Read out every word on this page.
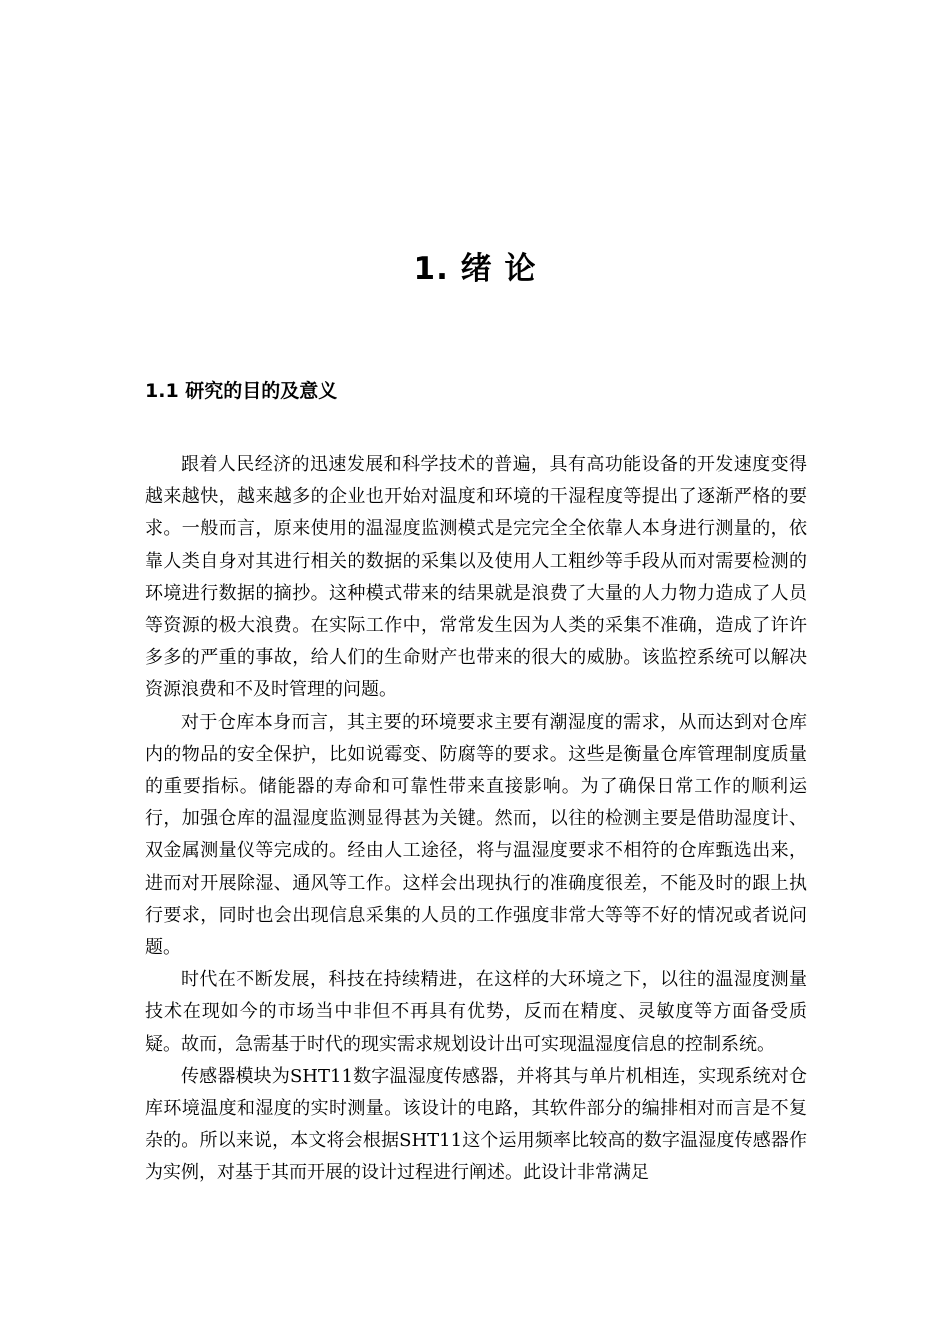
1. 绪 论
1.1 研究的目的及意义

跟着人民经济的迅速发展和科学技术的普遍，具有高功能设备的开发速度变得越来越快，越来越多的企业也开始对温度和环境的干湿程度等提出了逐渐严格的要求。一般而言，原来使用的温湿度监测模式是完完全全依靠人本身进行测量的，依靠人类自身对其进行相关的数据的采集以及使用人工粗纱等手段从而对需要检测的环境进行数据的摘抄。这种模式带来的结果就是浪费了大量的人力物力造成了人员等资源的极大浪费。在实际工作中，常常发生因为人类的采集不准确，造成了许许多多的严重的事故，给人们的生命财产也带来的很大的威胁。该监控系统可以解决资源浪费和不及时管理的问题。

对于仓库本身而言，其主要的环境要求主要有潮湿度的需求，从而达到对仓库内的物品的安全保护，比如说霉变、防腐等的要求。这些是衡量仓库管理制度质量的重要指标。储能器的寿命和可靠性带来直接影响。为了确保日常工作的顺利运行，加强仓库的温湿度监测显得甚为关键。然而，以往的检测主要是借助湿度计、双金属测量仪等完成的。经由人工途径，将与温湿度要求不相符的仓库甄选出来，进而对开展除湿、通风等工作。这样会出现执行的准确度很差，不能及时的跟上执行要求，同时也会出现信息采集的人员的工作强度非常大等等不好的情况或者说问题。

时代在不断发展，科技在持续精进，在这样的大环境之下，以往的温湿度测量技术在现如今的市场当中非但不再具有优势，反而在精度、灵敏度等方面备受质疑。故而，急需基于时代的现实需求规划设计出可实现温湿度信息的控制系统。

传感器模块为SHT11数字温湿度传感器，并将其与单片机相连，实现系统对仓库环境温度和湿度的实时测量。该设计的电路，其软件部分的编排相对而言是不复杂的。所以来说，本文将会根据SHT11这个运用频率比较高的数字温湿度传感器作为实例，对基于其而开展的设计过程进行阐述。此设计非常满足
